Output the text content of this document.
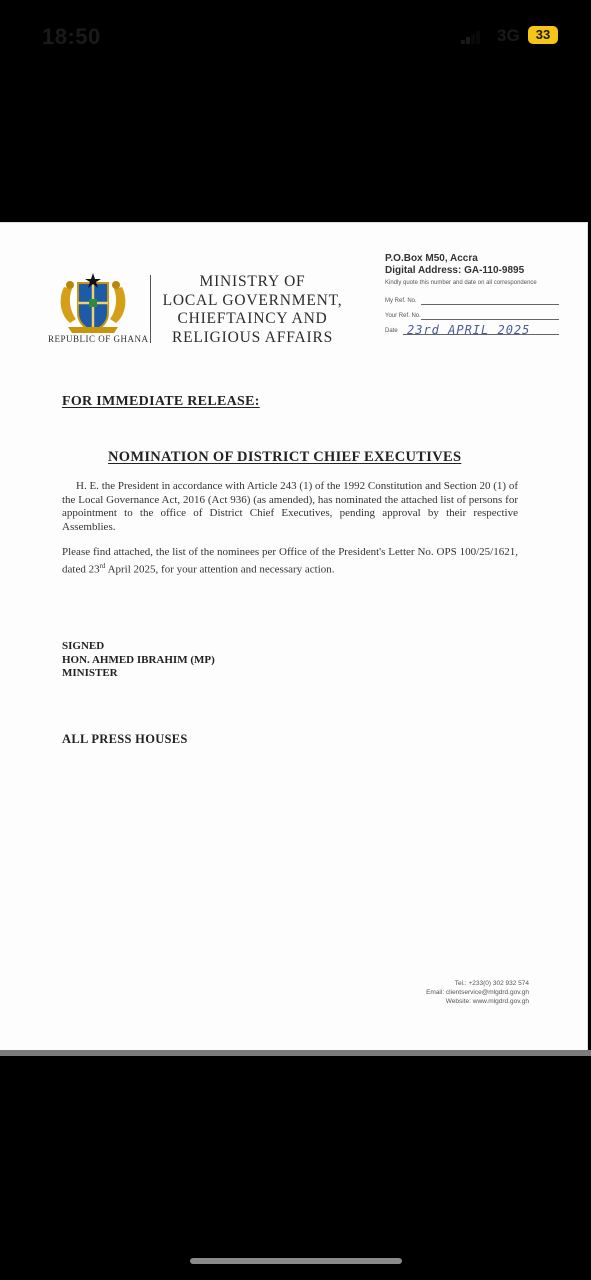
18:50	3G	33
REPUBLIC OF GHANA
MINISTRY OF
LOCAL GOVERNMENT,
CHIEFTAINCY AND
RELIGIOUS AFFAIRS
P.O.Box M50, Accra
Digital Address: GA-110-9895
Kindly quote this number and date on all correspondence
My Ref. No.
Your Ref. No.
Date 23rd APRIL 2025
FOR IMMEDIATE RELEASE:
NOMINATION OF DISTRICT CHIEF EXECUTIVES
H. E. the President in accordance with Article 243 (1) of the 1992 Constitution and Section 20 (1) of the Local Governance Act, 2016 (Act 936) (as amended), has nominated the attached list of persons for appointment to the office of District Chief Executives, pending approval by their respective Assemblies.
Please find attached, the list of the nominees per Office of the President's Letter No. OPS 100/25/1621, dated 23rd April 2025, for your attention and necessary action.
SIGNED
HON. AHMED IBRAHIM (MP)
MINISTER
ALL PRESS HOUSES
Tel.: +233(0) 302 932 574
Email: clientservice@mlgdrd.gov.gh
Website: www.mlgdrd.gov.gh
